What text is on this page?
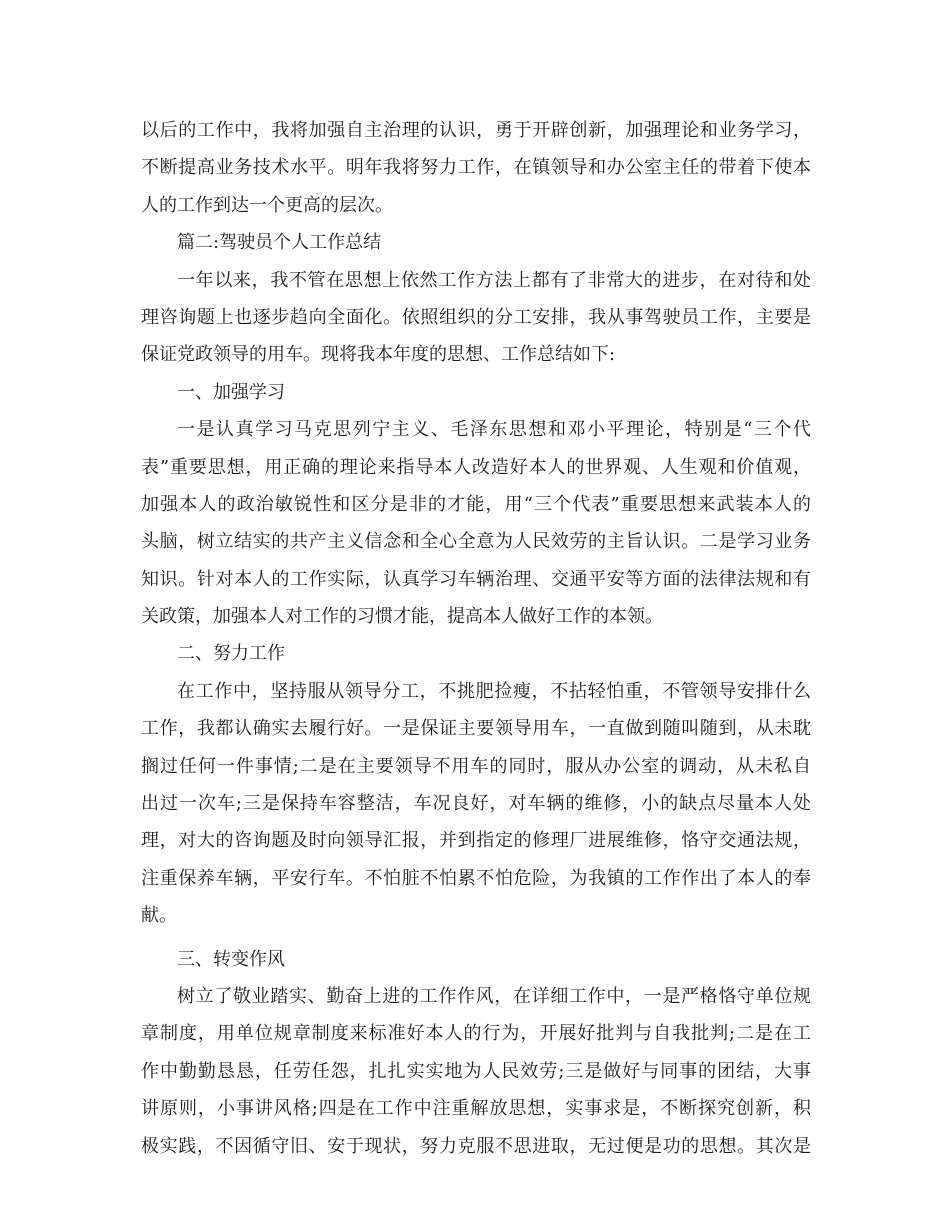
以后的工作中，我将加强自主治理的认识，勇于开辟创新，加强理论和业务学习，
不断提高业务技术水平。明年我将努力工作，在镇领导和办公室主任的带着下使本
人的工作到达一个更高的层次。
篇二:驾驶员个人工作总结
一年以来，我不管在思想上依然工作方法上都有了非常大的进步，在对待和处
理咨询题上也逐步趋向全面化。依照组织的分工安排，我从事驾驶员工作，主要是
保证党政领导的用车。现将我本年度的思想、工作总结如下:
一、加强学习
一是认真学习马克思列宁主义、毛泽东思想和邓小平理论，特别是“三个代
表”重要思想，用正确的理论来指导本人改造好本人的世界观、人生观和价值观，
加强本人的政治敏锐性和区分是非的才能，用“三个代表”重要思想来武装本人的
头脑，树立结实的共产主义信念和全心全意为人民效劳的主旨认识。二是学习业务
知识。针对本人的工作实际，认真学习车辆治理、交通平安等方面的法律法规和有
关政策，加强本人对工作的习惯才能，提高本人做好工作的本领。
二、努力工作
在工作中，坚持服从领导分工，不挑肥捡瘦，不拈轻怕重，不管领导安排什么
工作，我都认确实去履行好。一是保证主要领导用车，一直做到随叫随到，从未耽
搁过任何一件事情;二是在主要领导不用车的同时，服从办公室的调动，从未私自
出过一次车;三是保持车容整洁，车况良好，对车辆的维修，小的缺点尽量本人处
理，对大的咨询题及时向领导汇报，并到指定的修理厂进展维修，恪守交通法规，
注重保养车辆，平安行车。不怕脏不怕累不怕危险，为我镇的工作作出了本人的奉
献。
三、转变作风
树立了敬业踏实、勤奋上进的工作作风，在详细工作中，一是严格恪守单位规
章制度，用单位规章制度来标准好本人的行为，开展好批判与自我批判;二是在工
作中勤勤恳恳，任劳任怨，扎扎实实地为人民效劳;三是做好与同事的团结，大事
讲原则，小事讲风格;四是在工作中注重解放思想，实事求是，不断探究创新，积
极实践，不因循守旧、安于现状，努力克服不思进取，无过便是功的思想。其次是
